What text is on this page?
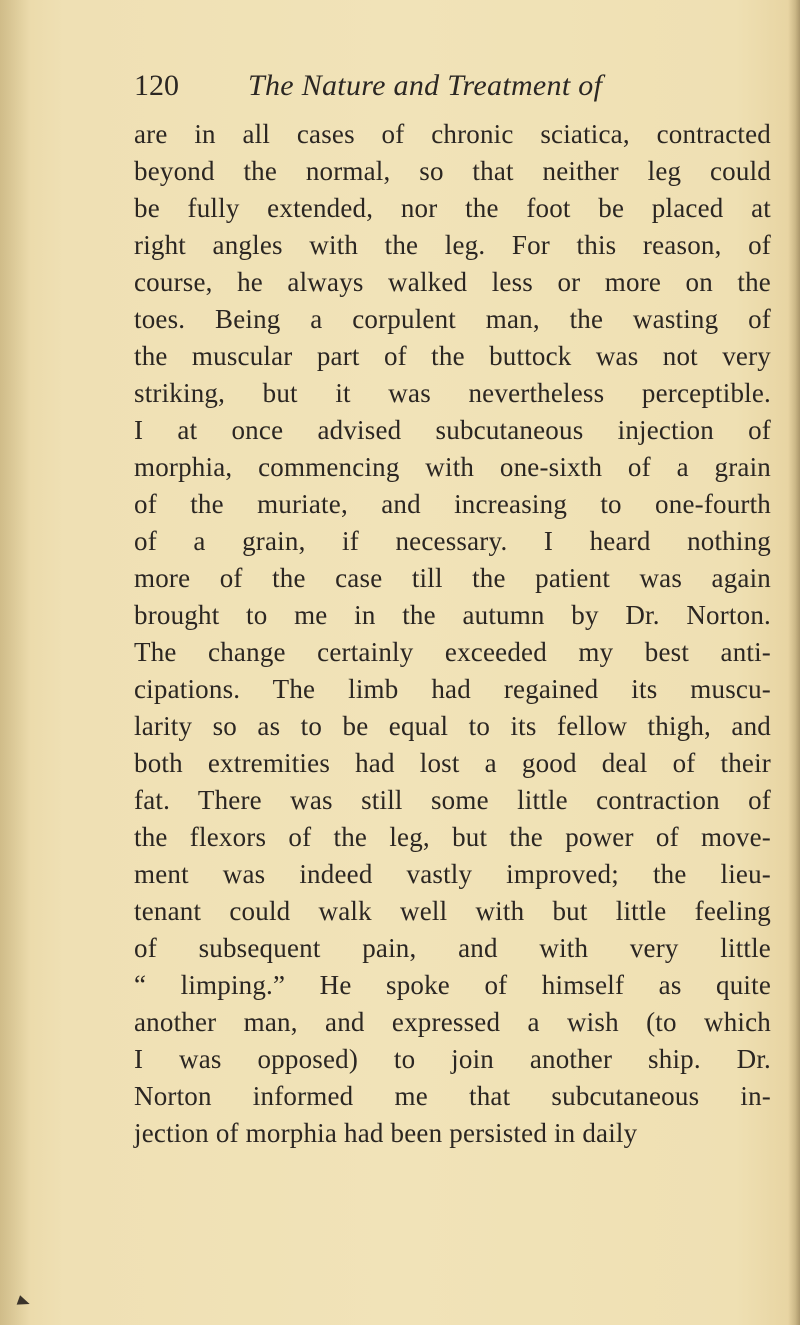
120 The Nature and Treatment of
are in all cases of chronic sciatica, contracted
beyond the normal, so that neither leg could
be fully extended, nor the foot be placed at
right angles with the leg. For this reason, of
course, he always walked less or more on the
toes. Being a corpulent man, the wasting of
the muscular part of the buttock was not very
striking, but it was nevertheless perceptible.
I at once advised subcutaneous injection of
morphia, commencing with one-sixth of a grain
of the muriate, and increasing to one-fourth
of a grain, if necessary. I heard nothing
more of the case till the patient was again
brought to me in the autumn by Dr. Norton.
The change certainly exceeded my best anti-
cipations. The limb had regained its muscu-
larity so as to be equal to its fellow thigh, and
both extremities had lost a good deal of their
fat. There was still some little contraction of
the flexors of the leg, but the power of move-
ment was indeed vastly improved; the lieu-
tenant could walk well with but little feeling
of subsequent pain, and with very little
“ limping.” He spoke of himself as quite
another man, and expressed a wish (to which
I was opposed) to join another ship. Dr.
Norton informed me that subcutaneous in-
jection of morphia had been persisted in daily
